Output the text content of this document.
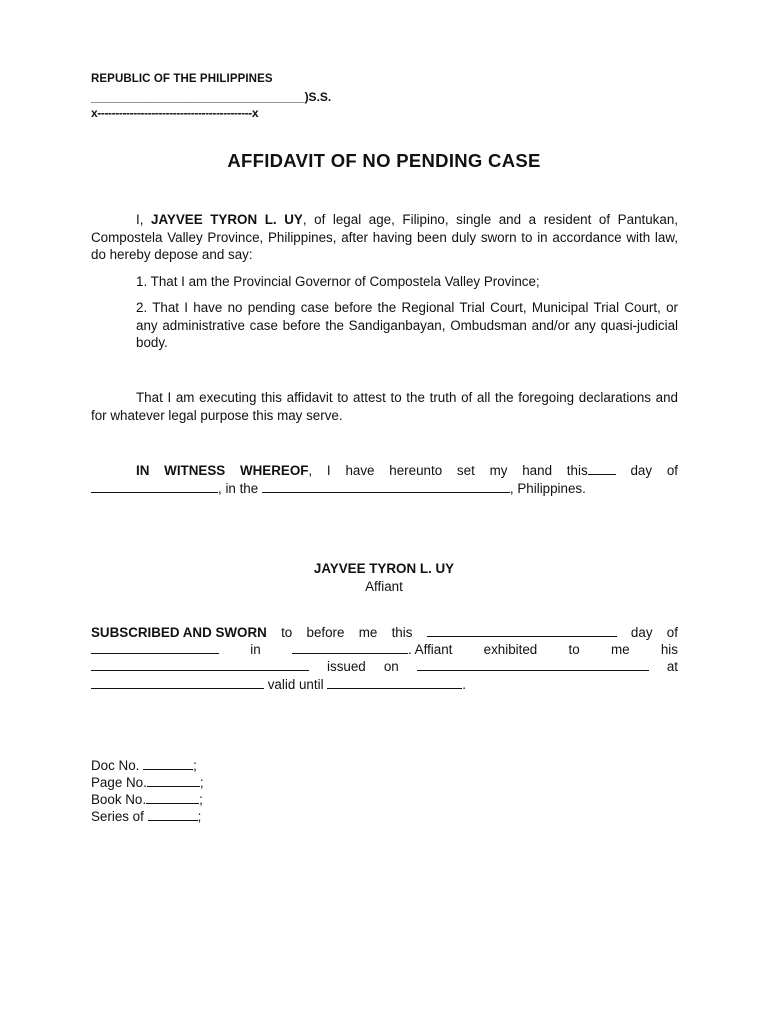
REPUBLIC OF THE PHILIPPINES
________________________________)S.S.
x-------------------------------------------x
AFFIDAVIT OF NO PENDING CASE
I, JAYVEE TYRON L. UY, of legal age, Filipino, single and a resident of Pantukan, Compostela Valley Province, Philippines, after having been duly sworn to in accordance with law, do hereby depose and say:
1. That I am the Provincial Governor of Compostela Valley Province;
2. That I have no pending case before the Regional Trial Court, Municipal Trial Court, or any administrative case before the Sandiganbayan, Ombudsman and/or any quasi-judicial body.
That I am executing this affidavit to attest to the truth of all the foregoing declarations and for whatever legal purpose this may serve.
IN WITNESS WHEREOF, I have hereunto set my hand this day of
, in the	, Philippines.
JAYVEE TYRON L. UY
Affiant
SUBSCRIBED AND SWORN to before me this	day of
in	. Affiant exhibited to me his
issued on	at
valid until	.
Doc No.	;
Page No.	;
Book No.	;
Series of	;
